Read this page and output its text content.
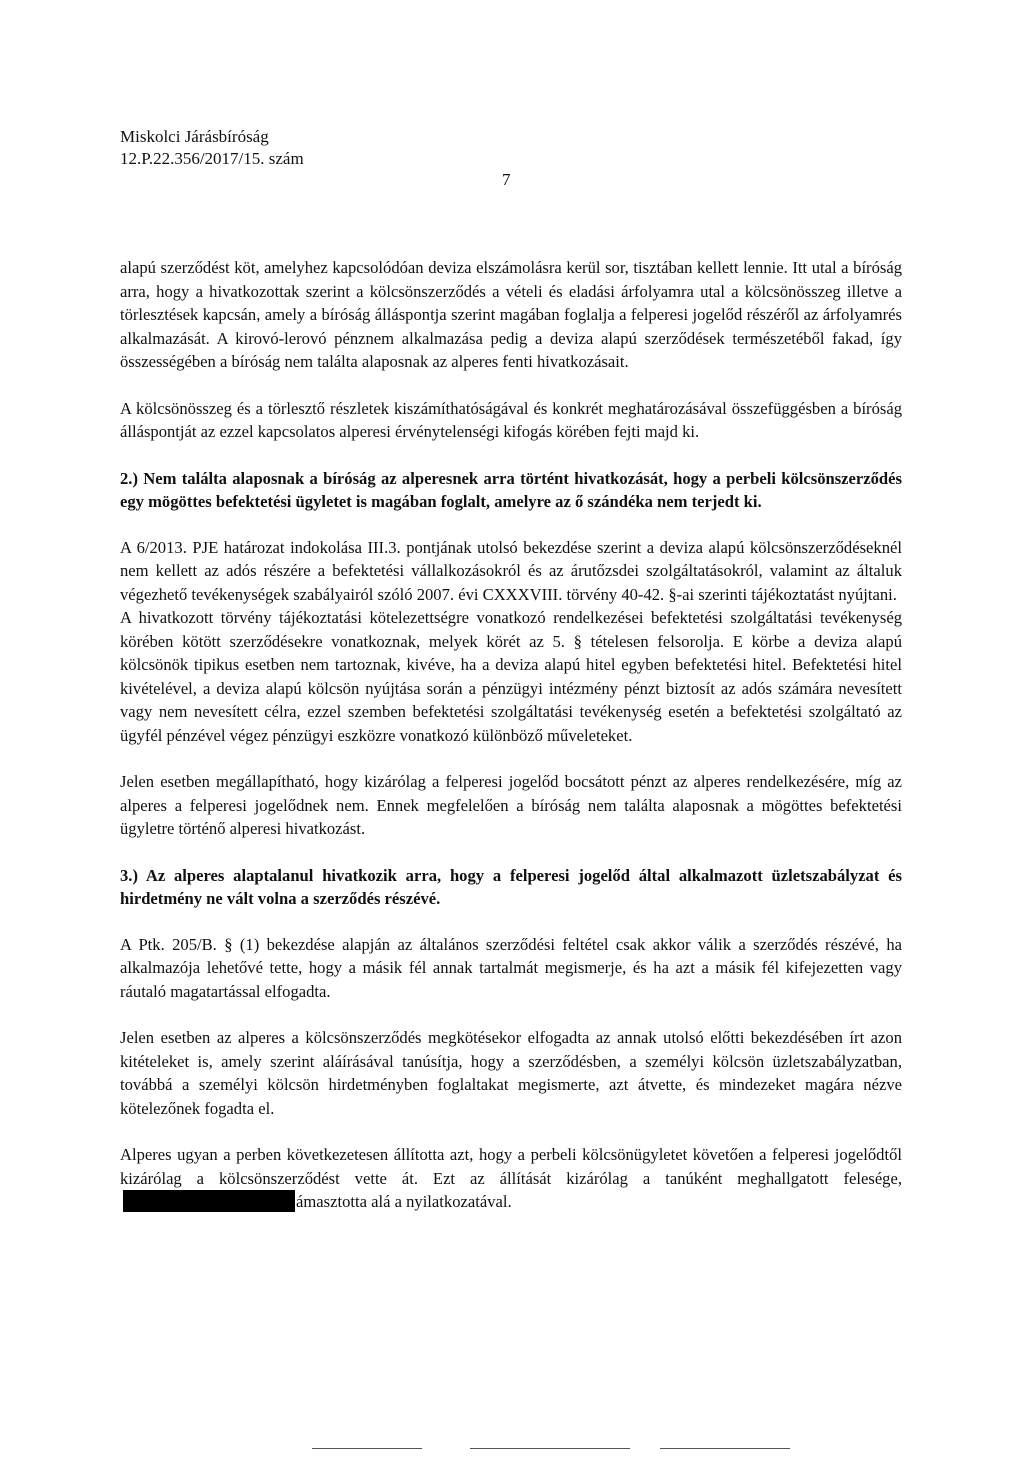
Miskolci Járásbíróság
12.P.22.356/2017/15. szám
7

alapú szerződést köt, amelyhez kapcsolódóan deviza elszámolásra kerül sor, tisztában kellett lennie. Itt utal a bíróság arra, hogy a hivatkozottak szerint a kölcsönszerződés a vételi és eladási árfolyamra utal a kölcsönösszeg illetve a törlesztések kapcsán, amely a bíróság álláspontja szerint magában foglalja a felperesi jogelőd részéről az árfolyamrés alkalmazását. A kirovó-lerovó pénznem alkalmazása pedig a deviza alapú szerződések természetéből fakad, így összességében a bíróság nem találta alaposnak az alperes fenti hivatkozásait.

A kölcsönösszeg és a törlesztő részletek kiszámíthatóságával és konkrét meghatározásával összefüggésben a bíróság álláspontját az ezzel kapcsolatos alperesi érvénytelenségi kifogás körében fejti majd ki.

2.) Nem találta alaposnak a bíróság az alperesnek arra történt hivatkozását, hogy a perbeli kölcsönszerződés egy mögöttes befektetési ügyletet is magában foglalt, amelyre az ő szándéka nem terjedt ki.

A 6/2013. PJE határozat indokolása III.3. pontjának utolsó bekezdése szerint a deviza alapú kölcsönszerződéseknél nem kellett az adós részére a befektetési vállalkozásokról és az árutőzsdei szolgáltatásokról, valamint az általuk végezhető tevékenységek szabályairól szóló 2007. évi CXXXVIII. törvény 40-42. §-ai szerinti tájékoztatást nyújtani.

A hivatkozott törvény tájékoztatási kötelezettségre vonatkozó rendelkezései befektetési szolgáltatási tevékenység körében kötött szerződésekre vonatkoznak, melyek körét az 5. § tételesen felsorolja. E körbe a deviza alapú kölcsönök tipikus esetben nem tartoznak, kivéve, ha a deviza alapú hitel egyben befektetési hitel. Befektetési hitel kivételével, a deviza alapú kölcsön nyújtása során a pénzügyi intézmény pénzt biztosít az adós számára nevesített vagy nem nevesített célra, ezzel szemben befektetési szolgáltatási tevékenység esetén a befektetési szolgáltató az ügyfél pénzével végez pénzügyi eszközre vonatkozó különböző műveleteket.

Jelen esetben megállapítható, hogy kizárólag a felperesi jogelőd bocsátott pénzt az alperes rendelkezésére, míg az alperes a felperesi jogelődnek nem. Ennek megfelelően a bíróság nem találta alaposnak a mögöttes befektetési ügyletre történő alperesi hivatkozást.

3.) Az alperes alaptalanul hivatkozik arra, hogy a felperesi jogelőd által alkalmazott üzletszabályzat és hirdetmény ne vált volna a szerződés részévé.

A Ptk. 205/B. § (1) bekezdése alapján az általános szerződési feltétel csak akkor válik a szerződés részévé, ha alkalmazója lehetővé tette, hogy a másik fél annak tartalmát megismerje, és ha azt a másik fél kifejezetten vagy ráutaló magatartással elfogadta.

Jelen esetben az alperes a kölcsönszerződés megkötésekor elfogadta az annak utolsó előtti bekezdésében írt azon kitételeket is, amely szerint aláírásával tanúsítja, hogy a szerződésben, a személyi kölcsön üzletszabályzatban, továbbá a személyi kölcsön hirdetményben foglaltakat megismerte, azt átvette, és mindezeket magára nézve kötelezőnek fogadta el.

Alperes ugyan a perben következetesen állította azt, hogy a perbeli kölcsönügyletet követően a felperesi jogelődtől kizárólag a kölcsönszerződést vette át. Ezt az állítását kizárólag a tanúként meghallgatott felesége,ámasztotta alá a nyilatkozatával.
